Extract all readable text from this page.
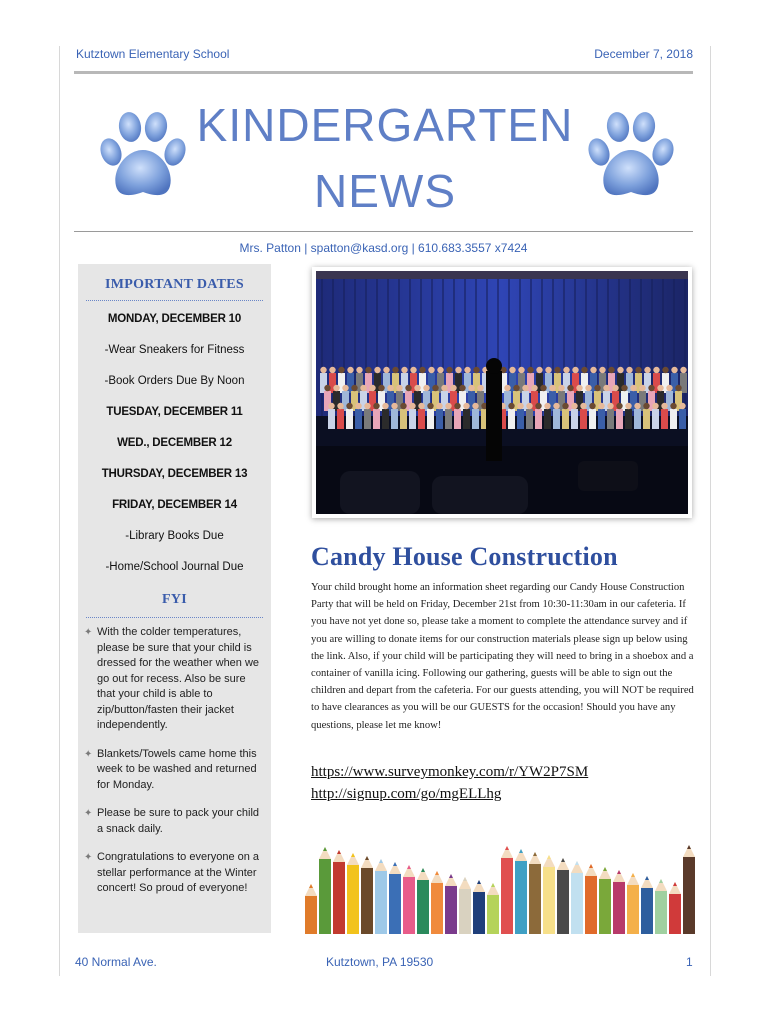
Kutztown Elementary School	December 7, 2018
KINDERGARTEN
NEWS
Mrs. Patton | spatton@kasd.org | 610.683.3557 x7424
IMPORTANT DATES
MONDAY, DECEMBER 10
-Wear Sneakers for Fitness
-Book Orders Due By Noon
TUESDAY, DECEMBER 11
WED., DECEMBER 12
THURSDAY, DECEMBER 13
FRIDAY, DECEMBER 14
-Library Books Due
-Home/School Journal Due
FYI
✦ With the colder temperatures, please be sure that your child is dressed for the weather when we go out for recess. Also be sure that your child is able to zip/button/fasten their jacket independently.
✦ Blankets/Towels came home this week to be washed and returned for Monday.
✦ Please be sure to pack your child a snack daily.
✦ Congratulations to everyone on a stellar performance at the Winter concert! So proud of everyone!
Candy House Construction
Your child brought home an information sheet regarding our Candy House Construction Party that will be held on Friday, December 21st from 10:30-11:30am in our cafeteria. If you have not yet done so, please take a moment to complete the attendance survey and if you are willing to donate items for our construction materials please sign up below using the link. Also, if your child will be participating they will need to bring in a shoebox and a container of vanilla icing. Following our gathering, guests will be able to sign out the children and depart from the cafeteria. For our guests attending, you will NOT be required to have clearances as you will be our GUESTS for the occasion! Should you have any questions, please let me know!
https://www.surveymonkey.com/r/YW2P7SM
http://signup.com/go/mgELLhg
40 Normal Ave.	Kutztown, PA 19530	1
